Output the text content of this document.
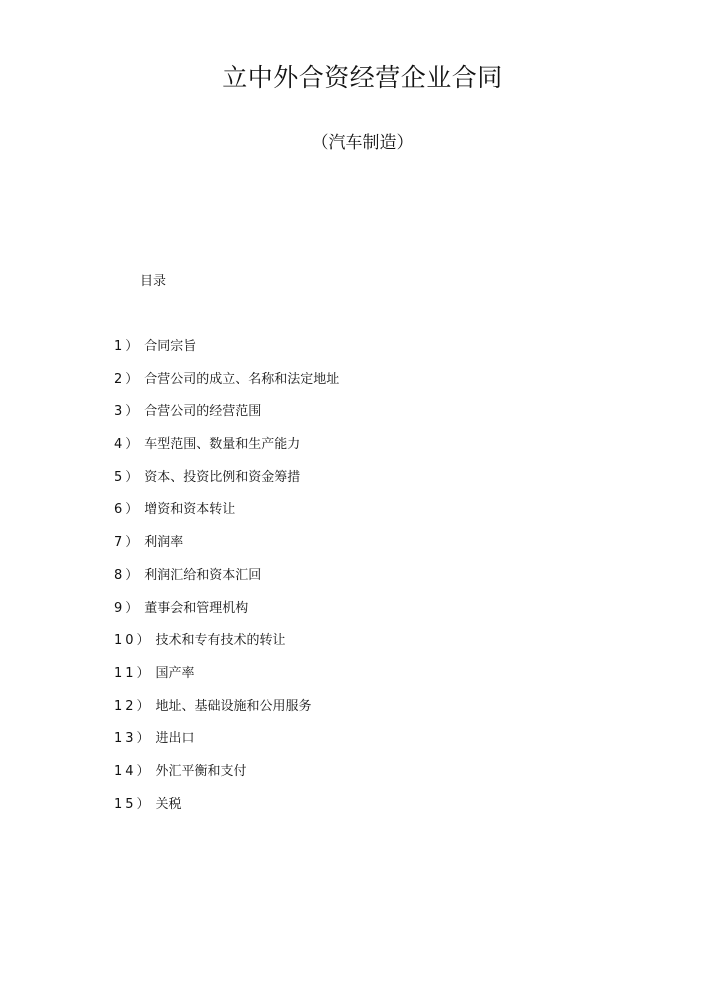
立中外合资经营企业合同
（汽车制造）
目录
1） 合同宗旨
2） 合营公司的成立、名称和法定地址
3） 合营公司的经营范围
4） 车型范围、数量和生产能力
5） 资本、投资比例和资金筹措
6） 增资和资本转让
7） 利润率
8） 利润汇给和资本汇回
9） 董事会和管理机构
10） 技术和专有技术的转让
11） 国产率
12） 地址、基础设施和公用服务
13） 进出口
14） 外汇平衡和支付
15） 关税
